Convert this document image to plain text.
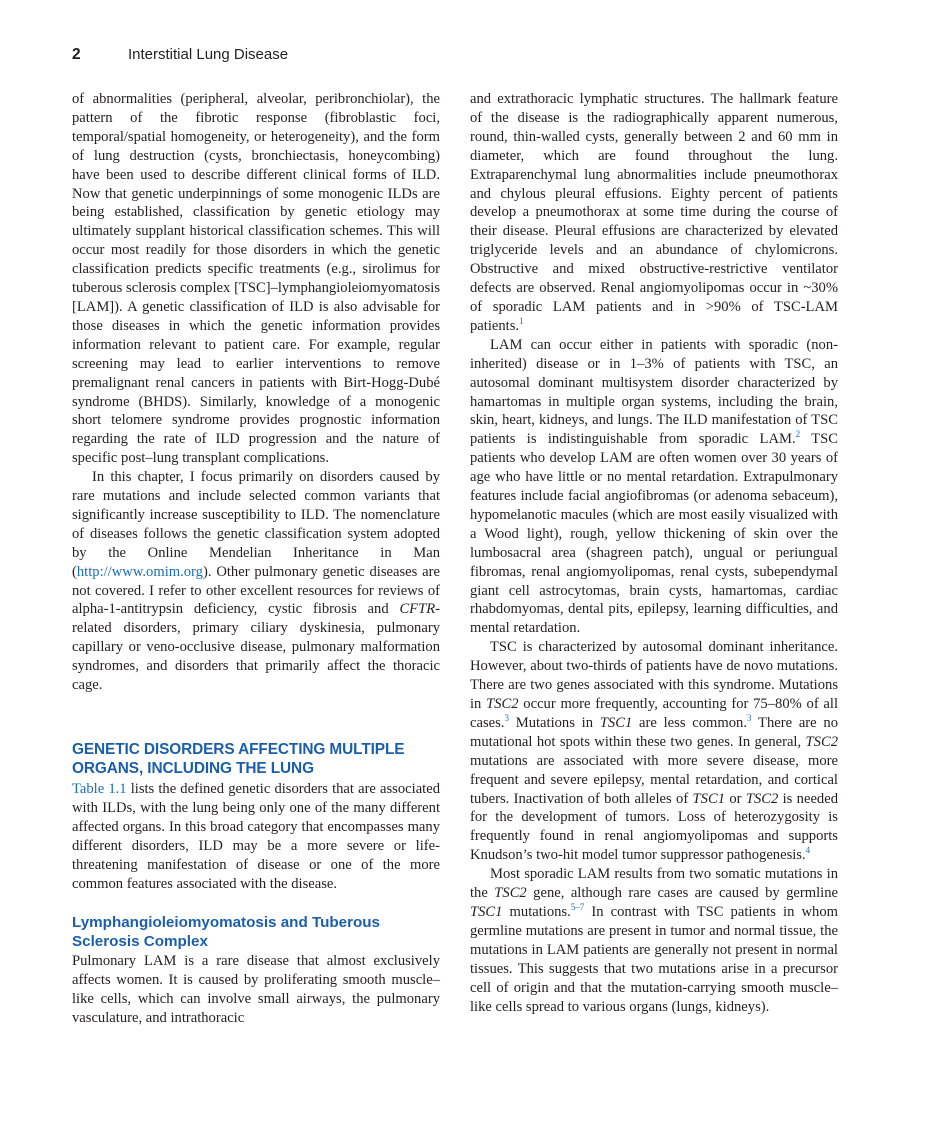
2	Interstitial Lung Disease

of abnormalities (peripheral, alveolar, peribronchiolar), the pattern of the fibrotic response (fibroblastic foci, temporal/spatial homogeneity, or heterogeneity), and the form of lung destruction (cysts, bronchiectasis, honeycombing) have been used to describe different clinical forms of ILD. Now that genetic underpinnings of some monogenic ILDs are being established, classification by genetic etiology may ultimately supplant historical classification schemes. This will occur most readily for those disorders in which the genetic classification predicts specific treatments (e.g., sirolimus for tuberous sclerosis complex [TSC]–lymphangioleiomyomatosis [LAM]). A genetic classification of ILD is also advisable for those diseases in which the genetic information provides information relevant to patient care. For example, regular screening may lead to earlier interventions to remove premalignant renal cancers in patients with Birt-Hogg-Dubé syndrome (BHDS). Similarly, knowledge of a monogenic short telomere syndrome provides prognostic information regarding the rate of ILD progression and the nature of specific post–lung transplant complications.

In this chapter, I focus primarily on disorders caused by rare mutations and include selected common variants that significantly increase susceptibility to ILD. The nomenclature of diseases follows the genetic classification system adopted by the Online Mendelian Inheritance in Man (http://www.omim.org). Other pulmonary genetic diseases are not covered. I refer to other excellent resources for reviews of alpha-1-antitrypsin deficiency, cystic fibrosis and CFTR-related disorders, primary ciliary dyskinesia, pulmonary capillary or veno-occlusive disease, pulmonary malformation syndromes, and disorders that primarily affect the thoracic cage.

GENETIC DISORDERS AFFECTING MULTIPLE ORGANS, INCLUDING THE LUNG

Table 1.1 lists the defined genetic disorders that are associated with ILDs, with the lung being only one of the many different affected organs. In this broad category that encompasses many different disorders, ILD may be a more severe or life-threatening manifestation of disease or one of the more common features associated with the disease.

Lymphangioleiomyomatosis and Tuberous Sclerosis Complex

Pulmonary LAM is a rare disease that almost exclusively affects women. It is caused by proliferating smooth muscle–like cells, which can involve small airways, the pulmonary vasculature, and intrathoracic

and extrathoracic lymphatic structures. The hallmark feature of the disease is the radiographically apparent numerous, round, thin-walled cysts, generally between 2 and 60 mm in diameter, which are found throughout the lung. Extraparenchymal lung abnormalities include pneumothorax and chylous pleural effusions. Eighty percent of patients develop a pneumothorax at some time during the course of their disease. Pleural effusions are characterized by elevated triglyceride levels and an abundance of chylomicrons. Obstructive and mixed obstructive-restrictive ventilator defects are observed. Renal angiomyolipomas occur in ~30% of sporadic LAM patients and in >90% of TSC-LAM patients.$^1$

LAM can occur either in patients with sporadic (non-inherited) disease or in 1–3% of patients with TSC, an autosomal dominant multisystem disorder characterized by hamartomas in multiple organ systems, including the brain, skin, heart, kidneys, and lungs. The ILD manifestation of TSC patients is indistinguishable from sporadic LAM.$^2$ TSC patients who develop LAM are often women over 30 years of age who have little or no mental retardation. Extrapulmonary features include facial angiofibromas (or adenoma sebaceum), hypomelanotic macules (which are most easily visualized with a Wood light), rough, yellow thickening of skin over the lumbosacral area (shagreen patch), ungual or periungual fibromas, renal angiomyolipomas, renal cysts, subependymal giant cell astrocytomas, brain cysts, hamartomas, cardiac rhabdomyomas, dental pits, epilepsy, learning difficulties, and mental retardation.

TSC is characterized by autosomal dominant inheritance. However, about two-thirds of patients have de novo mutations. There are two genes associated with this syndrome. Mutations in TSC2 occur more frequently, accounting for 75–80% of all cases.$^3$ Mutations in TSC1 are less common.$^3$ There are no mutational hot spots within these two genes. In general, TSC2 mutations are associated with more severe disease, more frequent and severe epilepsy, mental retardation, and cortical tubers. Inactivation of both alleles of TSC1 or TSC2 is needed for the development of tumors. Loss of heterozygosity is frequently found in renal angiomyolipomas and supports Knudson’s two-hit model tumor suppressor pathogenesis.$^4$

Most sporadic LAM results from two somatic mutations in the TSC2 gene, although rare cases are caused by germline TSC1 mutations.$^{5-7}$ In contrast with TSC patients in whom germline mutations are present in tumor and normal tissue, the mutations in LAM patients are generally not present in normal tissues. This suggests that two mutations arise in a precursor cell of origin and that the mutation-carrying smooth muscle–like cells spread to various organs (lungs, kidneys).
